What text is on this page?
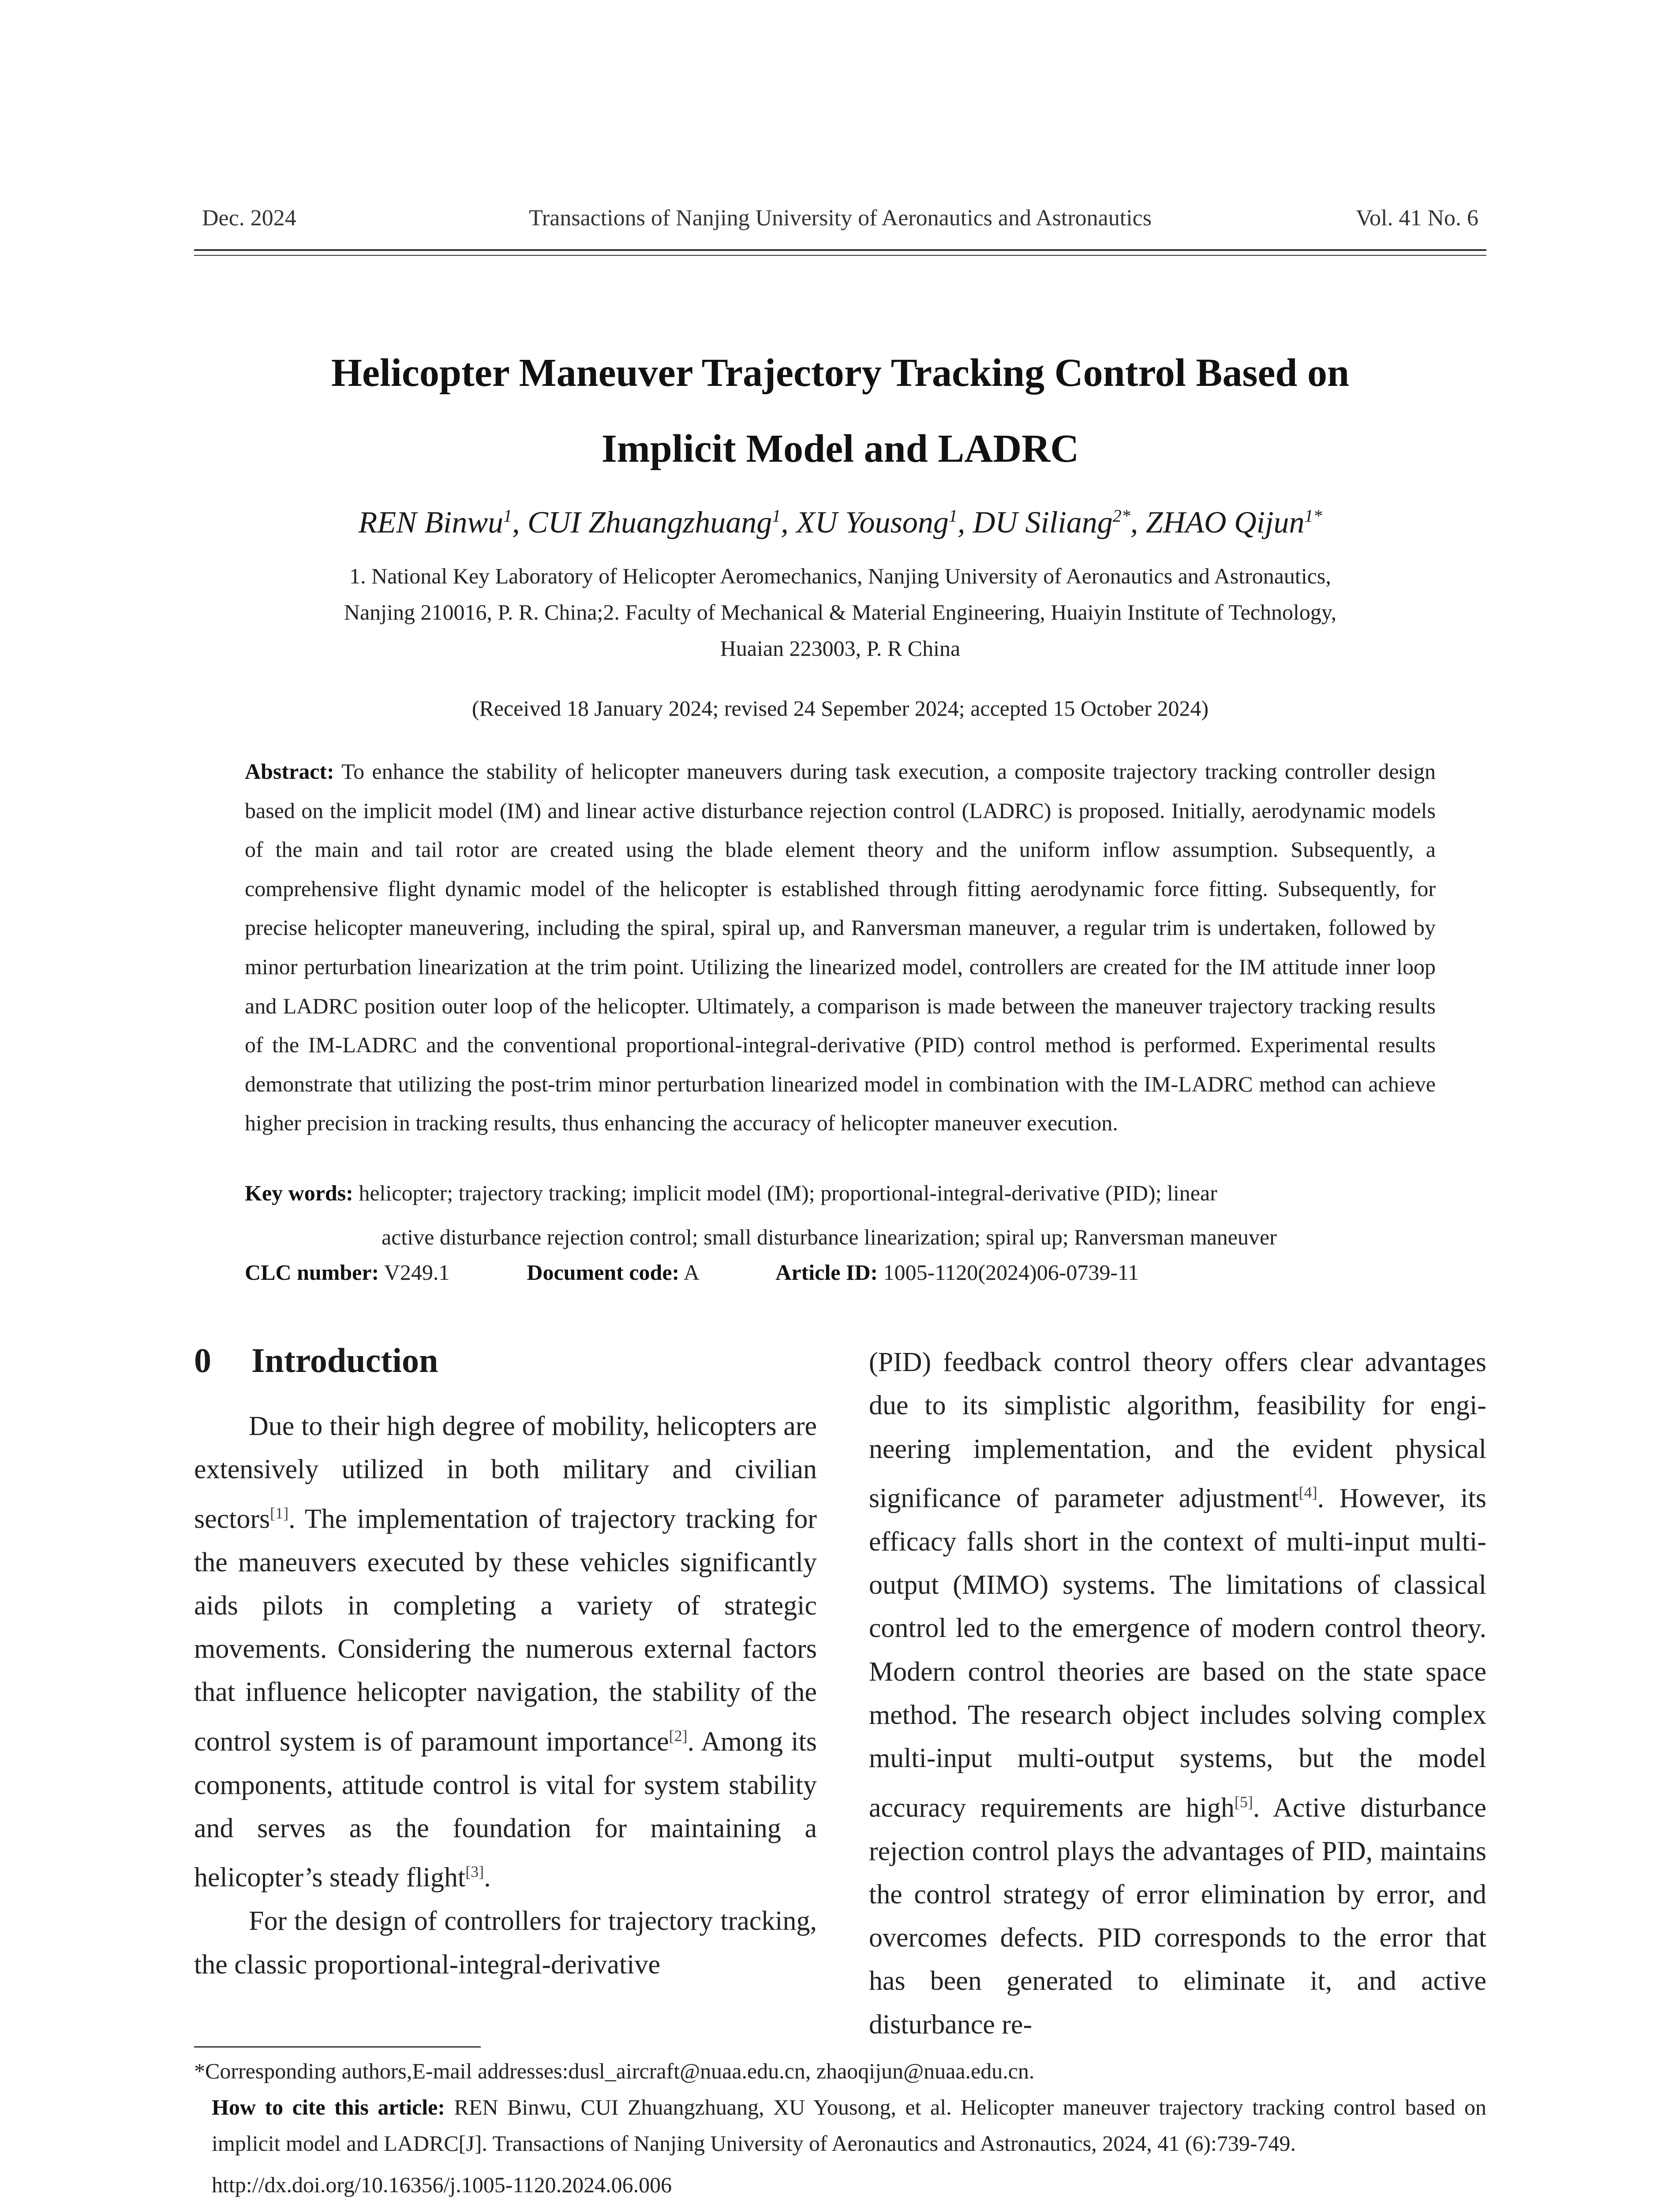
Dec. 2024	Transactions of Nanjing University of Aeronautics and Astronautics	Vol. 41 No. 6
Helicopter Maneuver Trajectory Tracking Control Based on
Implicit Model and LADRC
REN Binwu$^1$, CUI Zhuangzhuang$^1$, XU Yousong$^1$, DU Siliang$^{2*}$, ZHAO Qijun$^{1*}$
1. National Key Laboratory of Helicopter Aeromechanics, Nanjing University of Aeronautics and Astronautics,
Nanjing 210016, P. R. China;2. Faculty of Mechanical & Material Engineering, Huaiyin Institute of Technology,
Huaian 223003, P. R China
(Received 18 January 2024; revised 24 Sepember 2024; accepted 15 October 2024)
Abstract: To enhance the stability of helicopter maneuvers during task execution, a composite trajectory tracking controller design based on the implicit model (IM) and linear active disturbance rejection control (LADRC) is proposed. Initially, aerodynamic models of the main and tail rotor are created using the blade element theory and the uniform inflow assumption. Subsequently, a comprehensive flight dynamic model of the helicopter is established through fitting aerodynamic force fitting. Subsequently, for precise helicopter maneuvering, including the spiral, spiral up, and Ranversman maneuver, a regular trim is undertaken, followed by minor perturbation linearization at the trim point. Utilizing the linearized model, controllers are created for the IM attitude inner loop and LADRC position outer loop of the helicopter. Ultimately, a comparison is made between the maneuver trajectory tracking results of the IM-LADRC and the conventional proportional-integral-derivative (PID) control method is performed. Experimental results demonstrate that utilizing the post-trim minor perturbation linearized model in combination with the IM-LADRC method can achieve higher precision in tracking results, thus enhancing the accuracy of helicopter maneuver execution.
Key words: helicopter; trajectory tracking; implicit model (IM); proportional-integral-derivative (PID); linear
active disturbance rejection control; small disturbance linearization; spiral up; Ranversman maneuver
CLC number: V249.1	Document code: A	Article ID: 1005-1120(2024)06-0739-11
0 Introduction

Due to their high degree of mobility, helicopters are extensively utilized in both military and civilian sectors[1]. The implementation of trajectory tracking for the maneuvers executed by these vehicles significantly aids pilots in completing a variety of strategic movements. Considering the numerous external factors that influence helicopter navigation, the stability of the control system is of paramount importance[2]. Among its components, attitude control is vital for system stability and serves as the foundation for maintaining a helicopter’s steady flight[3].

For the design of controllers for trajectory tracking, the classic proportional-integral-derivative

(PID) feedback control theory offers clear advantages due to its simplistic algorithm, feasibility for engineering implementation, and the evident physical significance of parameter adjustment[4]. However, its efficacy falls short in the context of multi-input multi-output (MIMO) systems. The limitations of classical control led to the emergence of modern control theory. Modern control theories are based on the state space method. The research object includes solving complex multi-input multi-output systems, but the model accuracy requirements are high[5]. Active disturbance rejection control plays the advantages of PID, maintains the control strategy of error elimination by error, and overcomes defects. PID corresponds to the error that has been generated to eliminate it, and active disturbance re-

*Corresponding authors,E-mail addresses:dusl_aircraft@nuaa.edu.cn, zhaoqijun@nuaa.edu.cn.

How to cite this article: REN Binwu, CUI Zhuangzhuang, XU Yousong, et al. Helicopter maneuver trajectory tracking control based on implicit model and LADRC[J]. Transactions of Nanjing University of Aeronautics and Astronautics, 2024, 41 (6):739-749.

http://dx.doi.org/10.16356/j.1005-1120.2024.06.006
